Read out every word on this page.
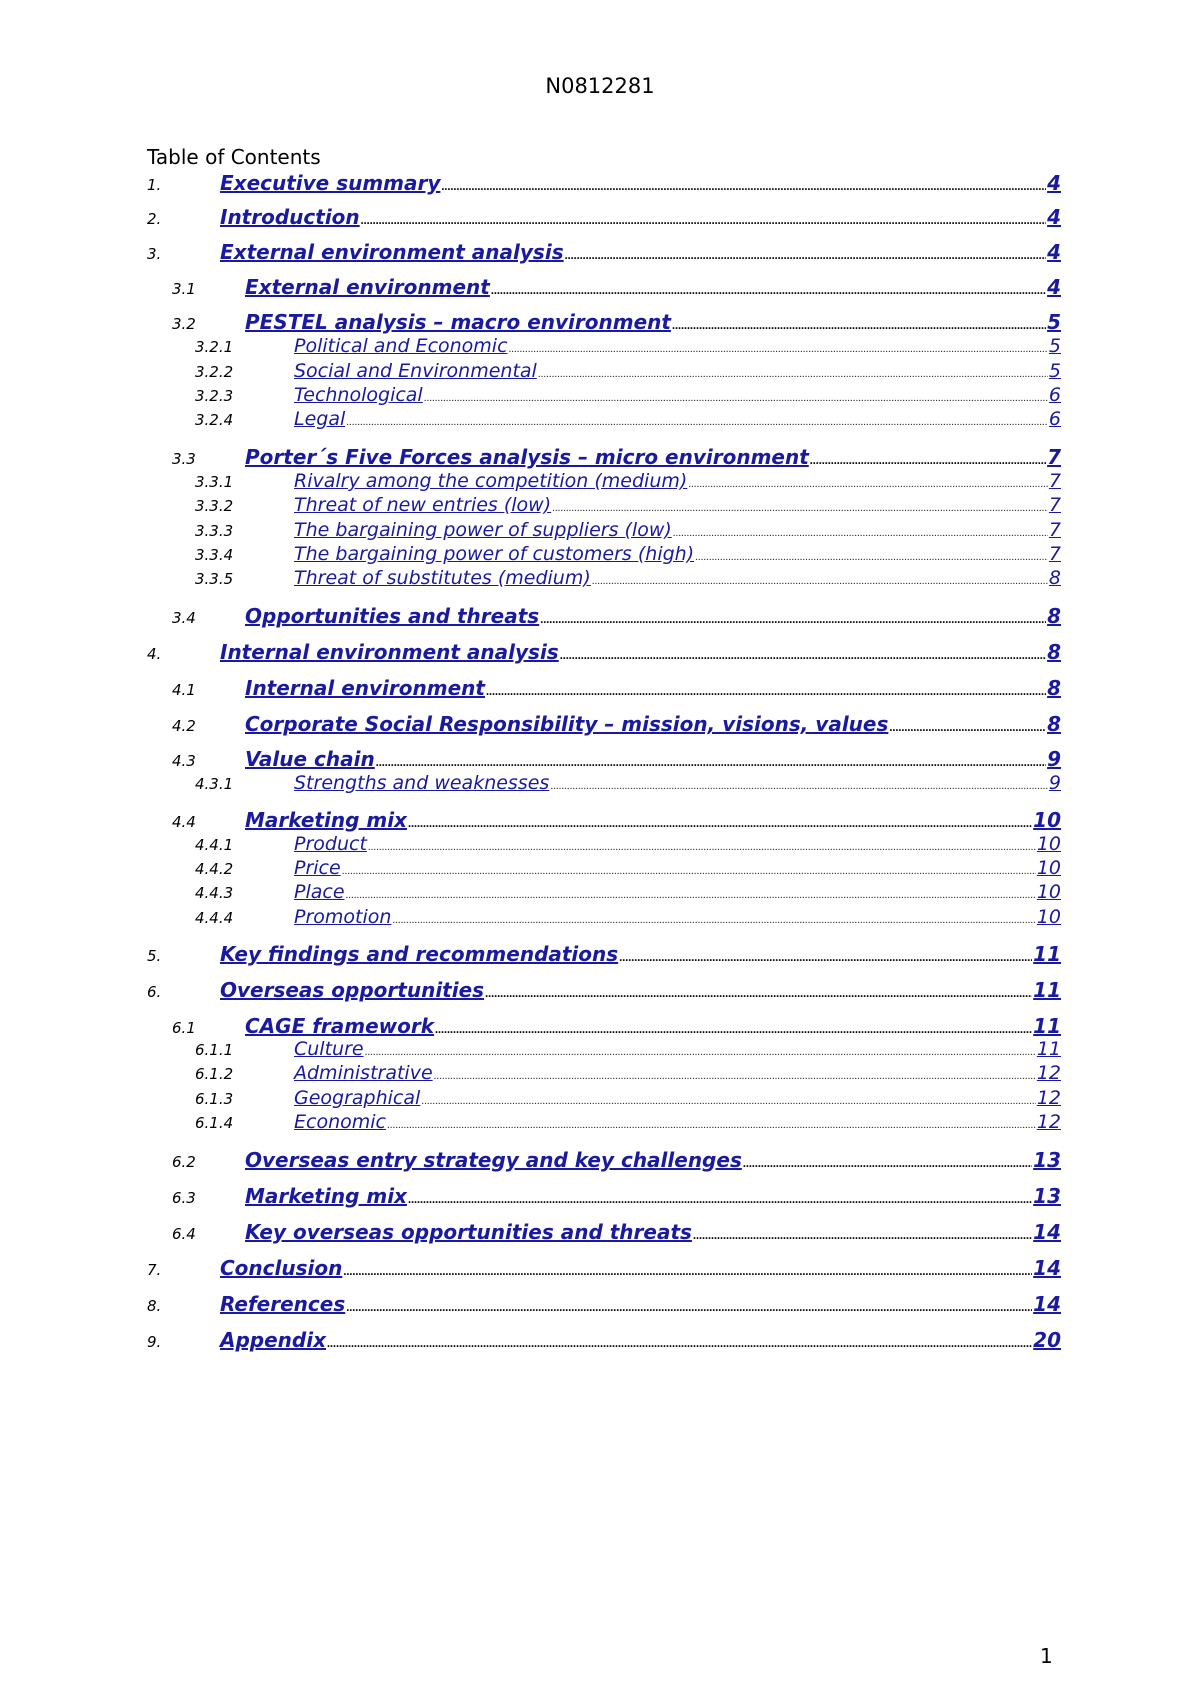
N0812281
Table of Contents
1.	Executive summary .....	4
2.	Introduction .....	4
3.	External environment analysis .....	4
3.1	External environment .....	4
3.2	PESTEL analysis – macro environment .....	5
3.2.1	Political and Economic .....	5
3.2.2	Social and Environmental .....	5
3.2.3	Technological .....	6
3.2.4	Legal .....	6
3.3	Porter´s Five Forces analysis – micro environment .....	7
3.3.1	Rivalry among the competition (medium) .....	7
3.3.2	Threat of new entries (low) .....	7
3.3.3	The bargaining power of suppliers (low) .....	7
3.3.4	The bargaining power of customers (high) .....	7
3.3.5	Threat of substitutes (medium) .....	8
3.4	Opportunities and threats .....	8
4.	Internal environment analysis .....	8
4.1	Internal environment .....	8
4.2	Corporate Social Responsibility – mission, visions, values .....	8
4.3	Value chain .....	9
4.3.1	Strengths and weaknesses .....	9
4.4	Marketing mix .....	10
4.4.1	Product .....	10
4.4.2	Price .....	10
4.4.3	Place .....	10
4.4.4	Promotion .....	10
5.	Key findings and recommendations .....	11
6.	Overseas opportunities .....	11
6.1	CAGE framework .....	11
6.1.1	Culture .....	11
6.1.2	Administrative .....	12
6.1.3	Geographical .....	12
6.1.4	Economic .....	12
6.2	Overseas entry strategy and key challenges .....	13
6.3	Marketing mix .....	13
6.4	Key overseas opportunities and threats .....	14
7.	Conclusion .....	14
8.	References .....	14
9.	Appendix .....	20
1
